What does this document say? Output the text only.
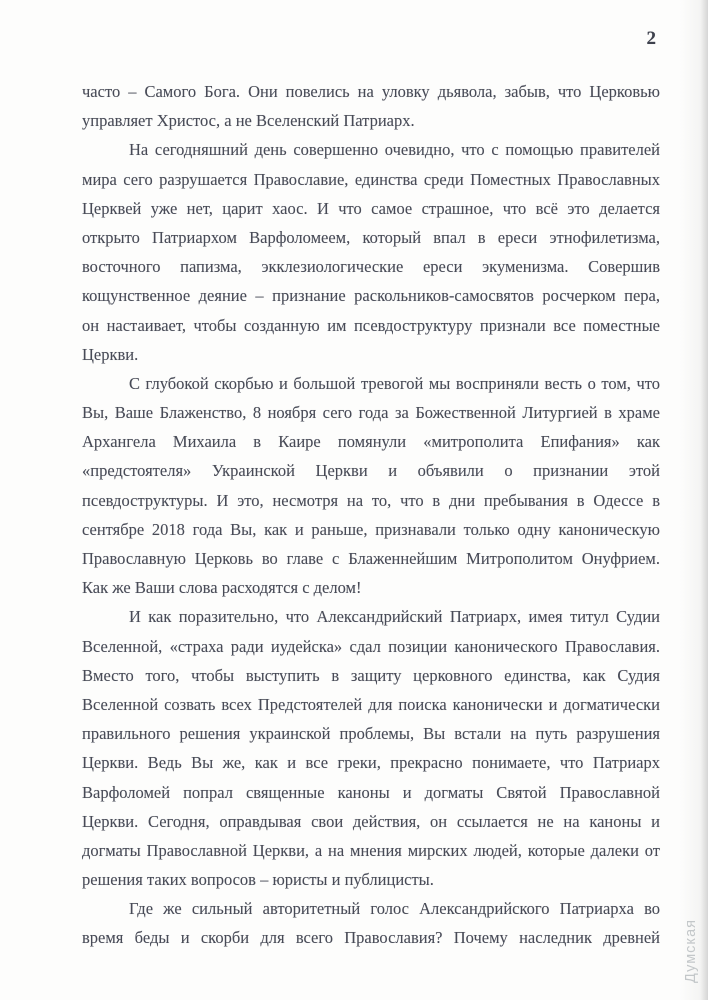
2
часто – Самого Бога. Они повелись на уловку дьявола, забыв, что Церковью
управляет Христос, а не Вселенский Патриарх.
На сегодняшний день совершенно очевидно, что с помощью правителей
мира сего разрушается Православие, единства среди Поместных Православных
Церквей уже нет, царит хаос. И что самое страшное, что всё это делается
открыто Патриархом Варфоломеем, который впал в ереси этнофилетизма,
восточного папизма, экклезиологические ереси экуменизма. Совершив
кощунственное деяние – признание раскольников-самосвятов росчерком пера,
он настаивает, чтобы созданную им псевдоструктуру признали все поместные
Церкви.
С глубокой скорбью и большой тревогой мы восприняли весть о том, что
Вы, Ваше Блаженство, 8 ноября сего года за Божественной Литургией в храме
Архангела Михаила в Каире помянули «митрополита Епифания» как
«предстоятеля» Украинской Церкви и объявили о признании этой
псевдоструктуры. И это, несмотря на то, что в дни пребывания в Одессе в
сентябре 2018 года Вы, как и раньше, признавали только одну каноническую
Православную Церковь во главе с Блаженнейшим Митрополитом Онуфрием.
Как же Ваши слова расходятся с делом!
И как поразительно, что Александрийский Патриарх, имея титул Судии
Вселенной, «страха ради иудейска» сдал позиции канонического Православия.
Вместо того, чтобы выступить в защиту церковного единства, как Судия
Вселенной созвать всех Предстоятелей для поиска канонически и догматически
правильного решения украинской проблемы, Вы встали на путь разрушения
Церкви. Ведь Вы же, как и все греки, прекрасно понимаете, что Патриарх
Варфоломей попрал священные каноны и догматы Святой Православной
Церкви. Сегодня, оправдывая свои действия, он ссылается не на каноны и
догматы Православной Церкви, а на мнения мирских людей, которые далеки от
решения таких вопросов – юристы и публицисты.
Где же сильный авторитетный голос Александрийского Патриарха во
время беды и скорби для всего Православия? Почему наследник древней Думская
